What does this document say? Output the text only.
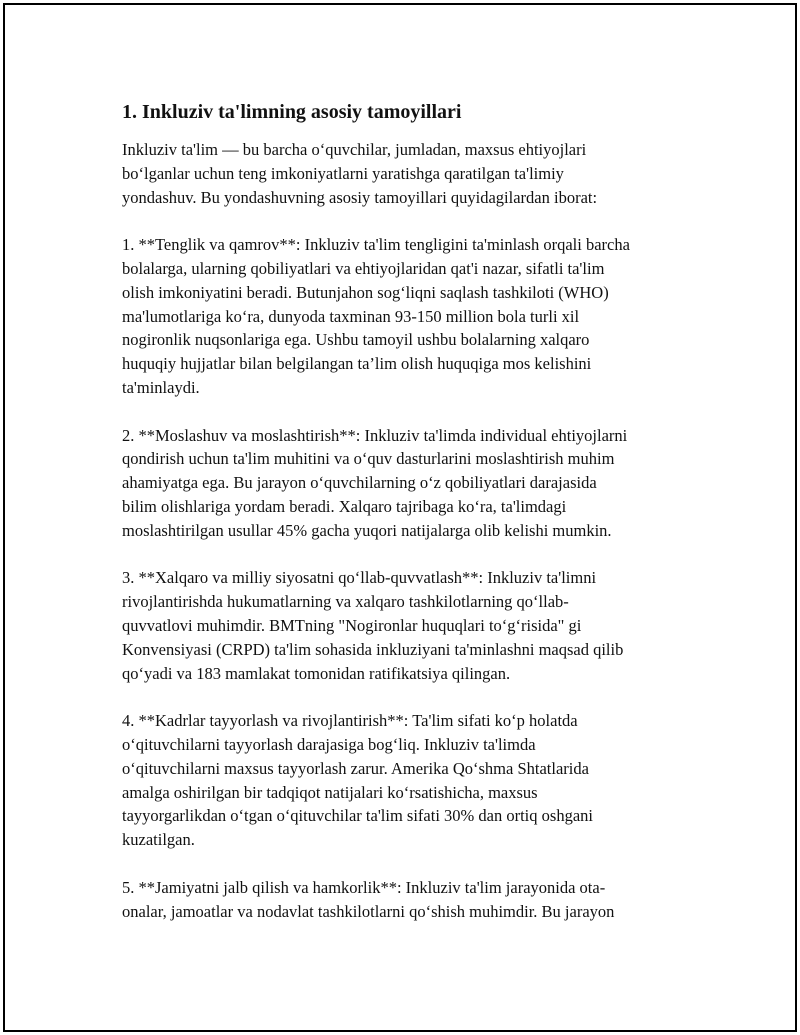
1. Inkluziv ta'limning asosiy tamoyillari
Inkluziv ta'lim — bu barcha o‘quvchilar, jumladan, maxsus ehtiyojlari
bo‘lganlar uchun teng imkoniyatlarni yaratishga qaratilgan ta'limiy
yondashuv. Bu yondashuvning asosiy tamoyillari quyidagilardan iborat:
1. **Tenglik va qamrov**: Inkluziv ta'lim tengligini ta'minlash orqali barcha
bolalarga, ularning qobiliyatlari va ehtiyojlaridan qat'i nazar, sifatli ta'lim
olish imkoniyatini beradi. Butunjahon sog‘liqni saqlash tashkiloti (WHO)
ma'lumotlariga ko‘ra, dunyoda taxminan 93-150 million bola turli xil
nogironlik nuqsonlariga ega. Ushbu tamoyil ushbu bolalarning xalqaro
huquqiy hujjatlar bilan belgilangan ta’lim olish huquqiga mos kelishini
ta'minlaydi.
2. **Moslashuv va moslashtirish**: Inkluziv ta'limda individual ehtiyojlarni
qondirish uchun ta'lim muhitini va o‘quv dasturlarini moslashtirish muhim
ahamiyatga ega. Bu jarayon o‘quvchilarning o‘z qobiliyatlari darajasida
bilim olishlariga yordam beradi. Xalqaro tajribaga ko‘ra, ta'limdagi
moslashtirilgan usullar 45% gacha yuqori natijalarga olib kelishi mumkin.
3. **Xalqaro va milliy siyosatni qo‘llab-quvvatlash**: Inkluziv ta'limni
rivojlantirishda hukumatlarning va xalqaro tashkilotlarning qo‘llab-
quvvatlovi muhimdir. BMTning "Nogironlar huquqlari to‘g‘risida" gi
Konvensiyasi (CRPD) ta'lim sohasida inkluziyani ta'minlashni maqsad qilib
qo‘yadi va 183 mamlakat tomonidan ratifikatsiya qilingan.
4. **Kadrlar tayyorlash va rivojlantirish**: Ta'lim sifati ko‘p holatda
o‘qituvchilarni tayyorlash darajasiga bog‘liq. Inkluziv ta'limda
o‘qituvchilarni maxsus tayyorlash zarur. Amerika Qo‘shma Shtatlarida
amalga oshirilgan bir tadqiqot natijalari ko‘rsatishicha, maxsus
tayyorgarlikdan o‘tgan o‘qituvchilar ta'lim sifati 30% dan ortiq oshgani
kuzatilgan.
5. **Jamiyatni jalb qilish va hamkorlik**: Inkluziv ta'lim jarayonida ota-
onalar, jamoatlar va nodavlat tashkilotlarni qo‘shish muhimdir. Bu jarayon
